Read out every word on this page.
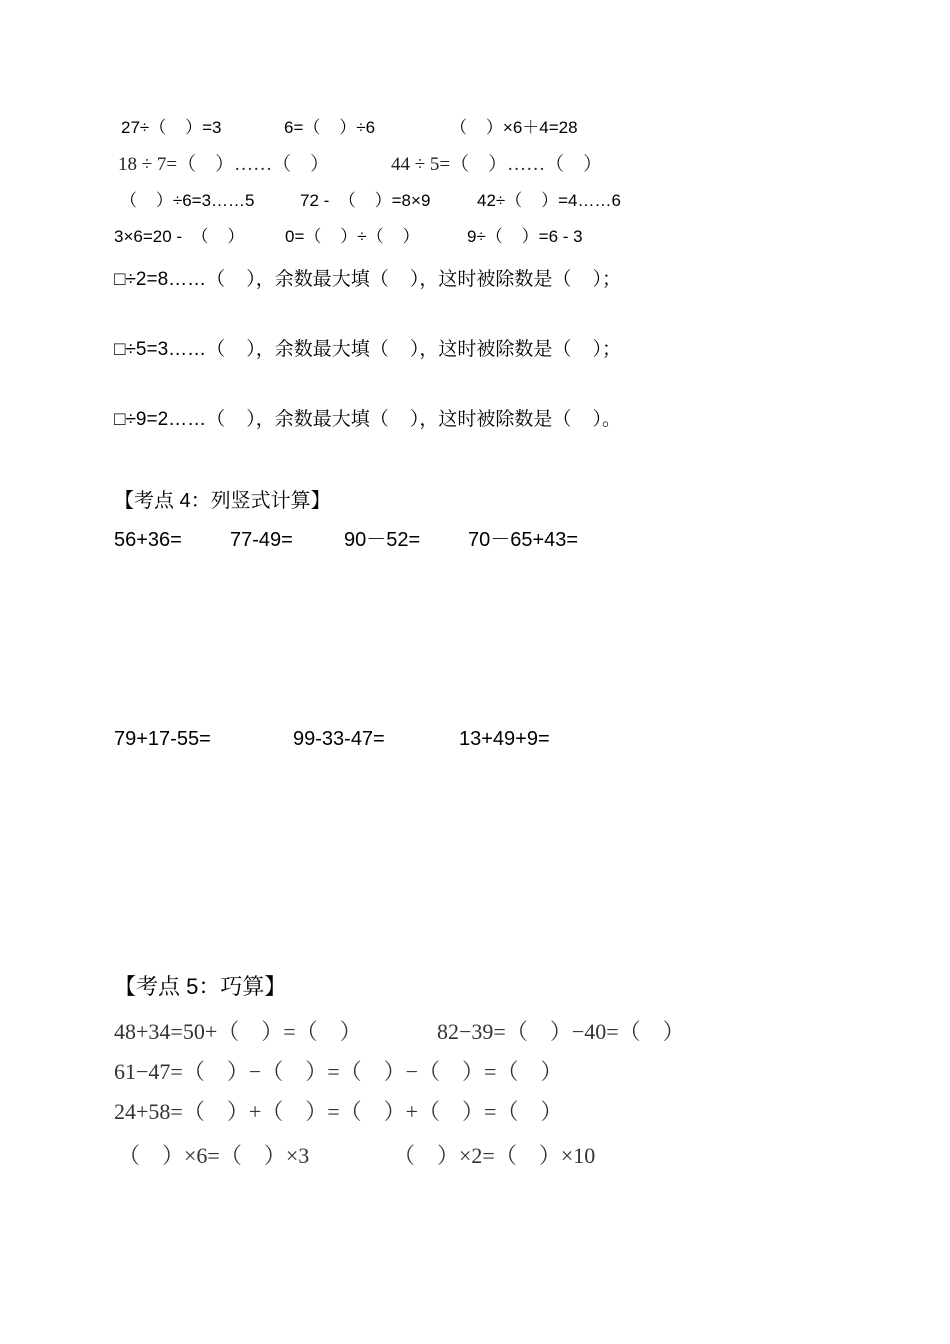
27÷（    ）=3	6=（    ）÷6	（    ）×6＋4=28
18 ÷ 7=（    ）……（    ）	44 ÷ 5=（    ）……（    ）
（    ）÷6=3……5	72 -  （    ）=8×9	42÷（    ）=4……6
3×6=20 -  （    ） 0=（    ）÷（    ）	9÷（    ）=6 - 3
□÷2=8……（    ），余数最大填（    ），这时被除数是（    ）；
□÷5=3……（    ），余数最大填（    ），这时被除数是（    ）；
□÷9=2……（    ），余数最大填（    ），这时被除数是（    ）。
【考点 4：列竖式计算】
56+36= 77-49=	90－52= 70－65+43=
79+17-55=	99-33-47=	13+49+9=
【考点 5：巧算】
48+34=50+（    ）=（    ）	82−39=（    ）−40=（    ）
61−47=（    ）−（    ）=（    ）−（    ）=（    ）
24+58=（    ）+（    ）=（    ）+（    ）=（    ）
（    ）×6=（    ）×3	（    ）×2=（    ）×10
